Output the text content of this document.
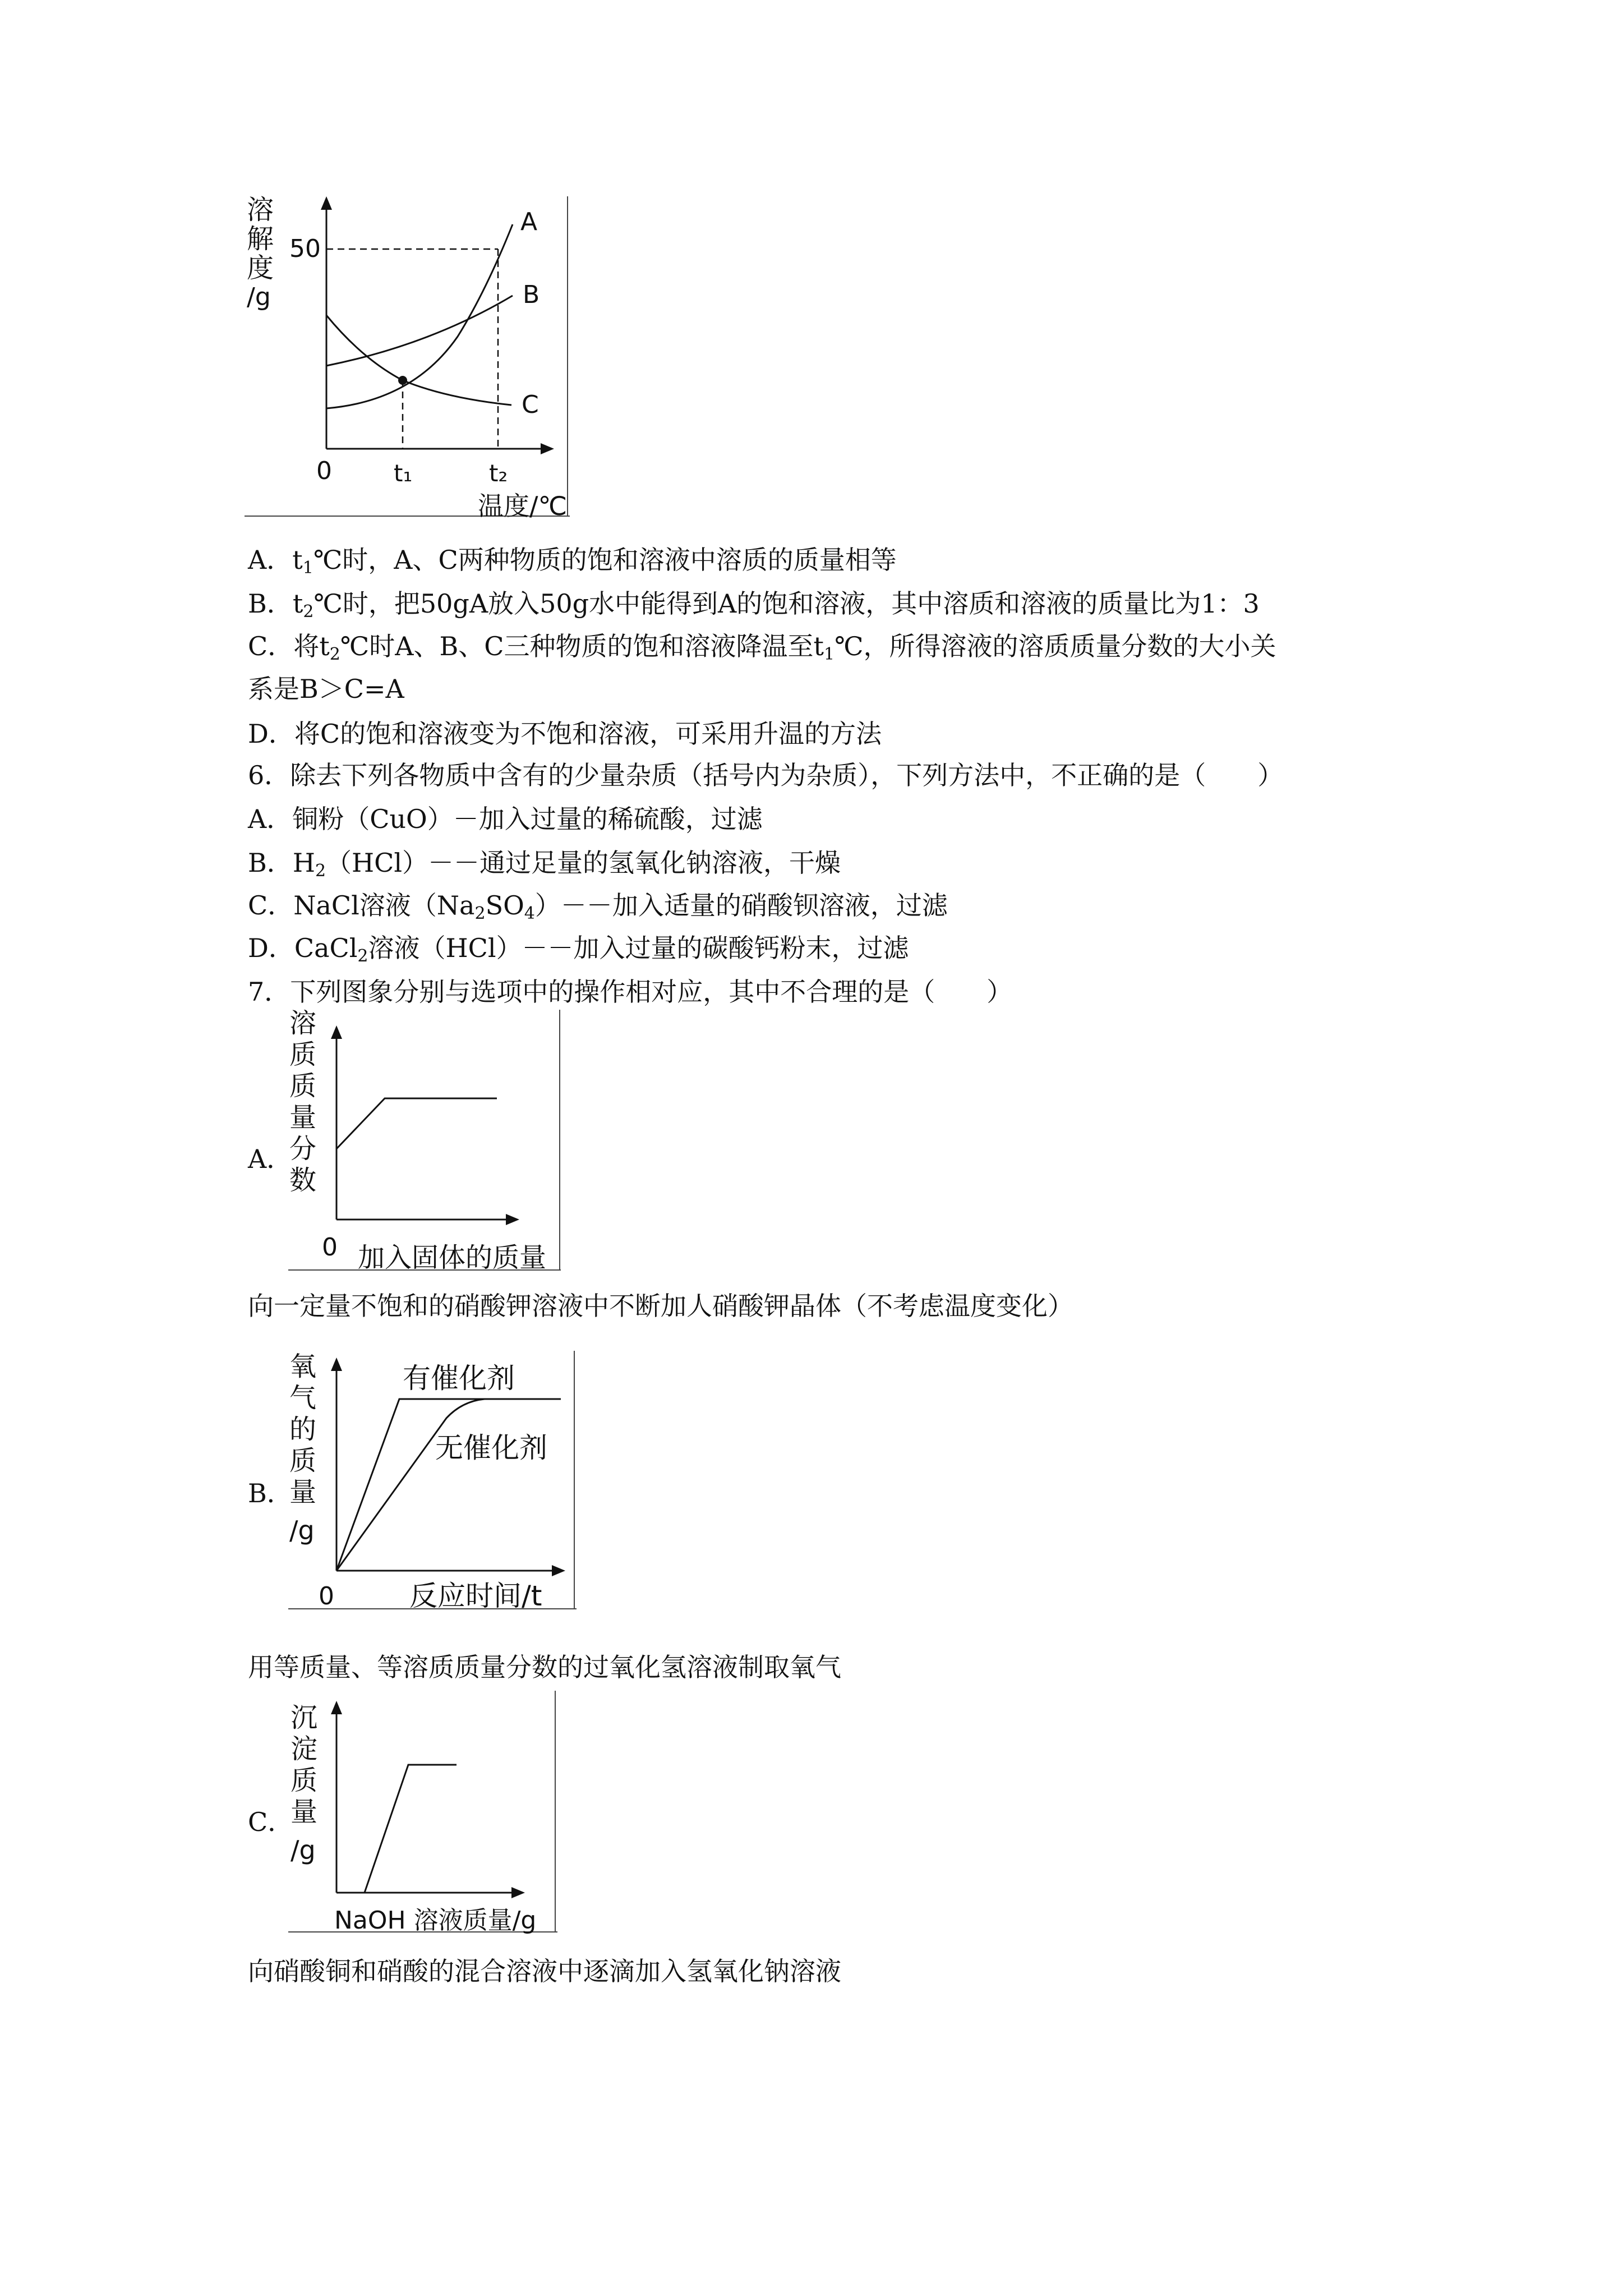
溶
解
度
/g
50
A
B
C
0	t₁	t₂
温度/℃
A．$t_1℃$时，A、C两种物质的饱和溶液中溶质的质量相等
B．$t_2℃$时，把50gA放入50g水中能得到A的饱和溶液，其中溶质和溶液的质量比为1：3
C．将$t_2℃$时A、B、C三种物质的饱和溶液降温至$t_1℃$，所得溶液的溶质质量分数的大小关
系是B＞C=A
D．将C的饱和溶液变为不饱和溶液，可采用升温的方法
6．除去下列各物质中含有的少量杂质（括号内为杂质），下列方法中，不正确的是（　　）
A．铜粉（CuO）－加入过量的稀硫酸，过滤
B．$H_2(HCl)--$通过足量的氢氧化钠溶液，干燥
C．NaCl溶液$(Na_2SO_4)--$加入适量的硝酸钡溶液，过滤
D．CaCl$_2$溶液（HCl）－－加入过量的碳酸钙粉末，过滤
7．下列图象分别与选项中的操作相对应，其中不合理的是（　　）
A．
溶
质
质
量
分
数
0 加入固体的质量
向一定量不饱和的硝酸钾溶液中不断加人硝酸钾晶体（不考虑温度变化）
B．
氧
气
的
质
量
/g
有催化剂
无催化剂
0	反应时间/t
用等质量、等溶质质量分数的过氧化氢溶液制取氧气
C．
沉
淀
质
量
/g
NaOH 溶液质量/g
向硝酸铜和硝酸的混合溶液中逐滴加入氢氧化钠溶液
